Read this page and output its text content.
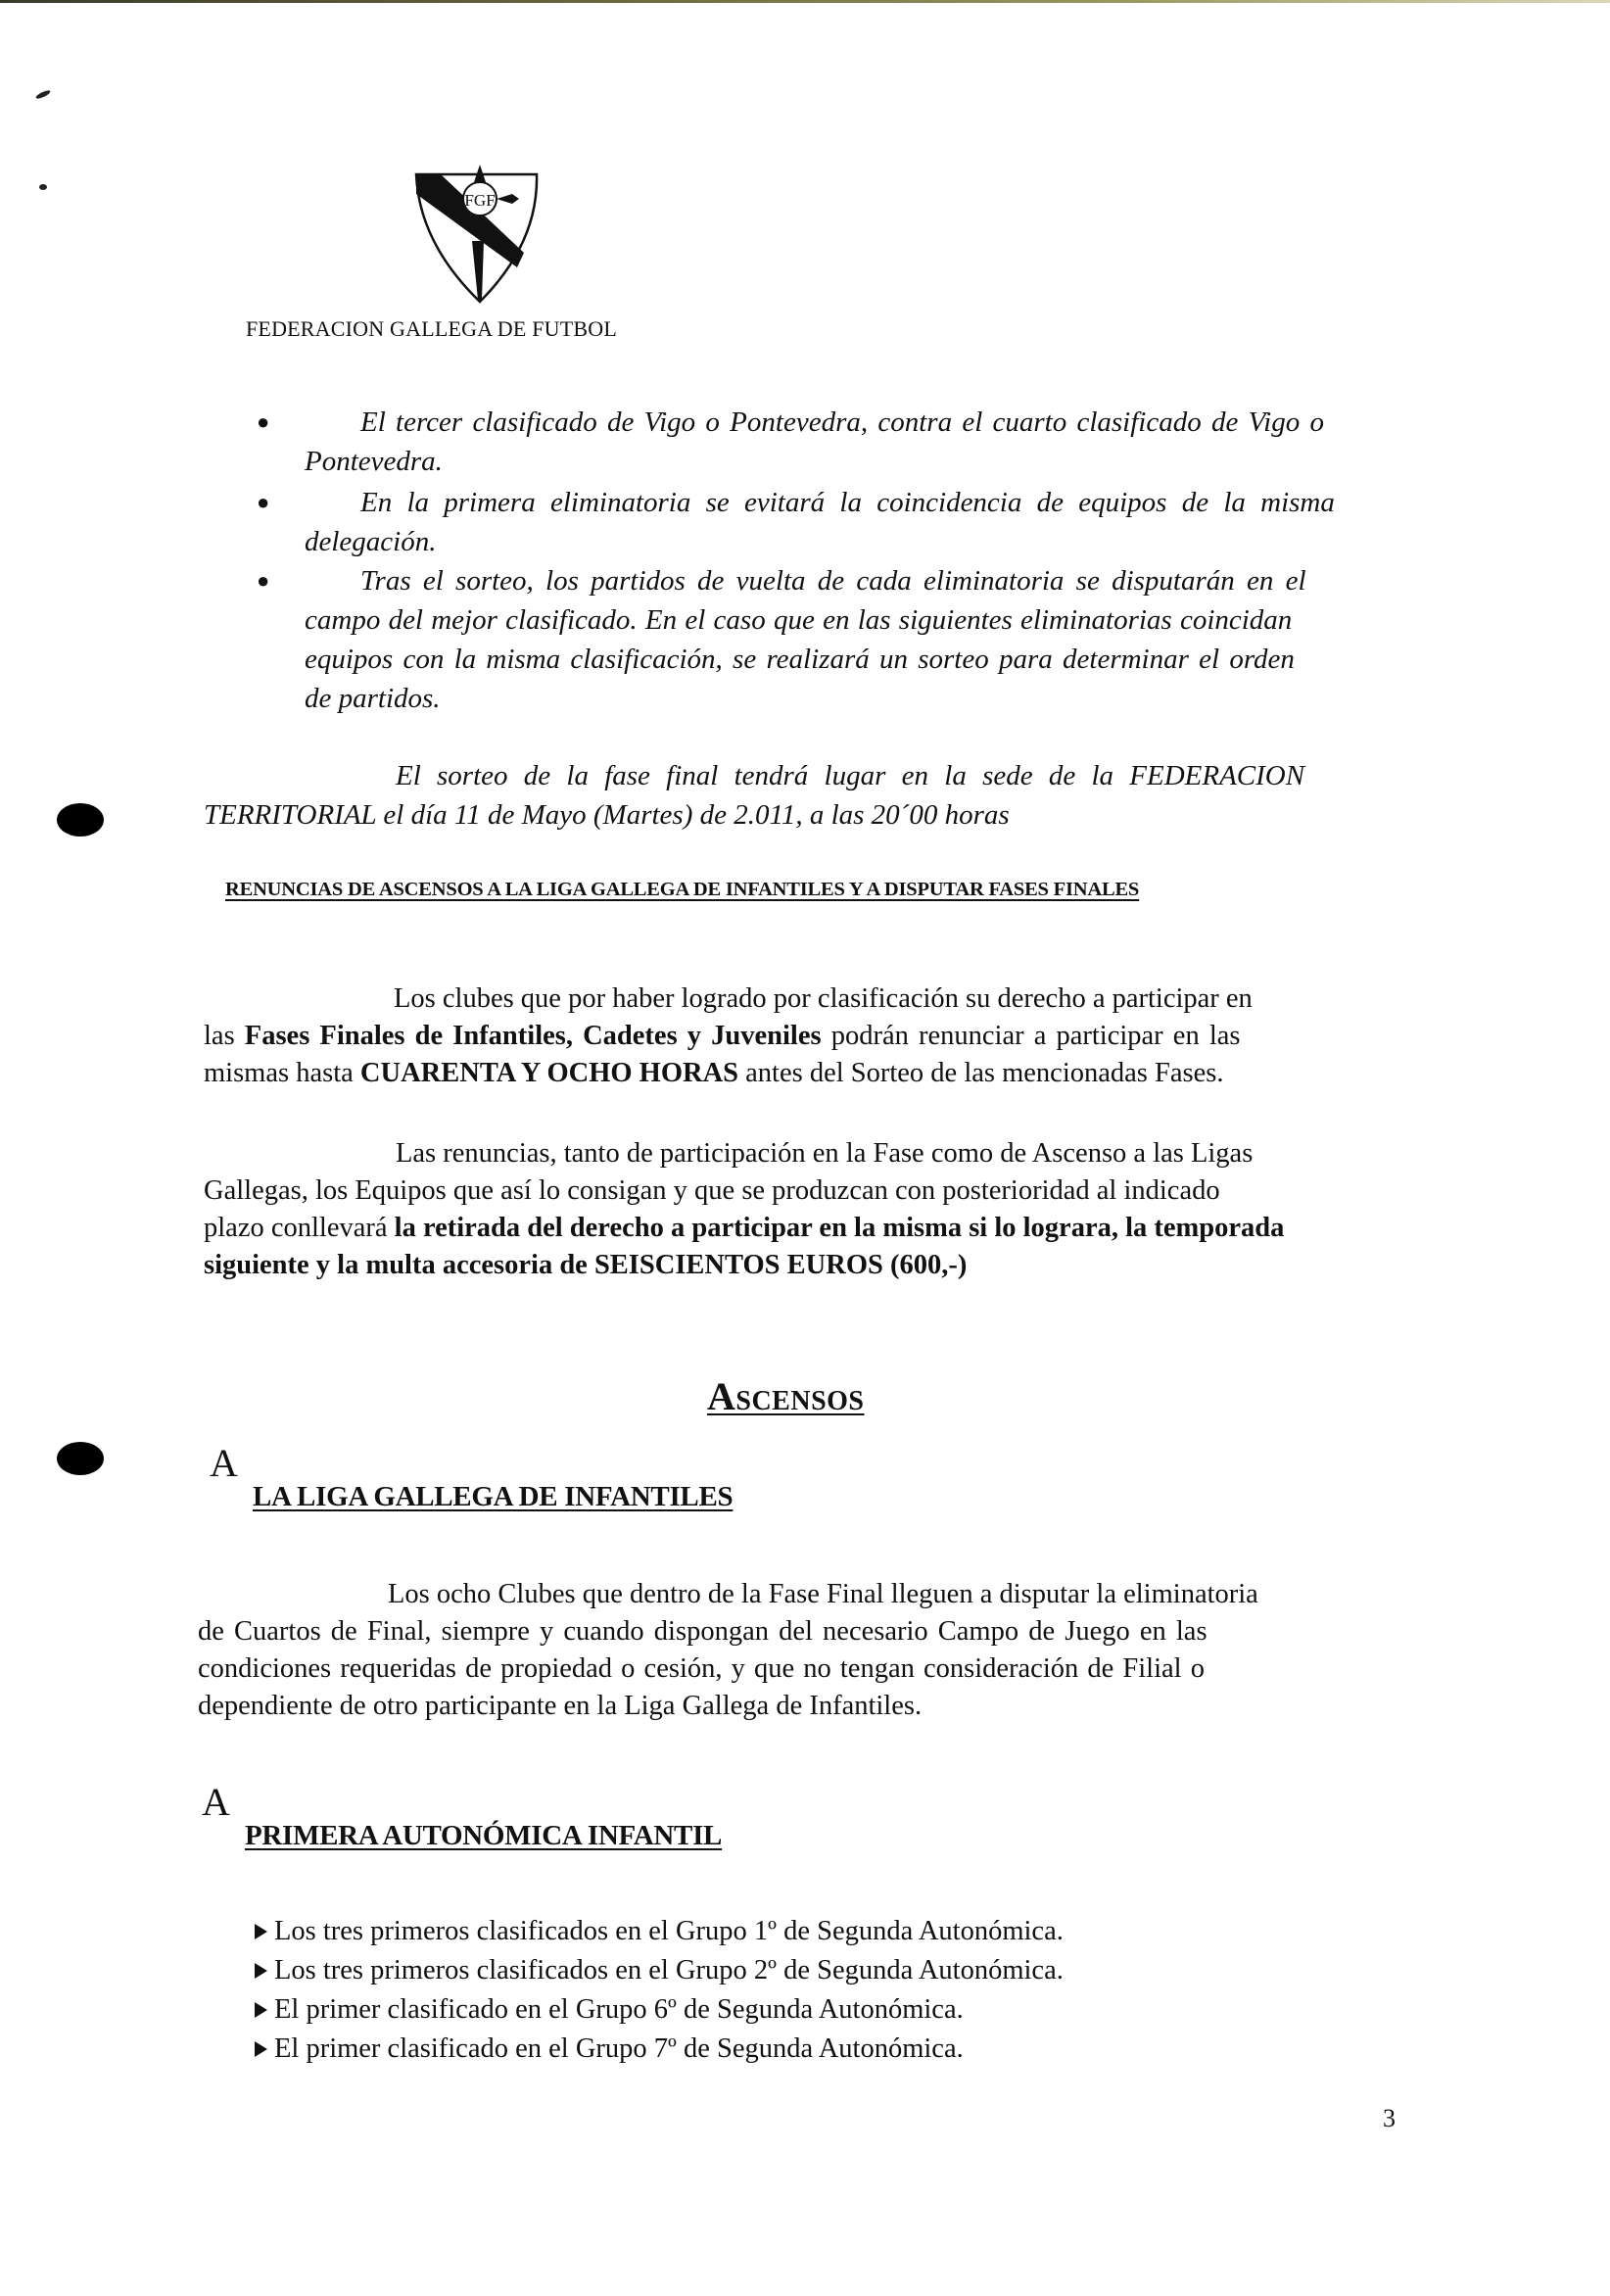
FGF
FEDERACION GALLEGA DE FUTBOL
●	El tercer clasificado de Vigo o Pontevedra, contra el cuarto clasificado de Vigo o
Pontevedra.
●	En la primera eliminatoria se evitará la coincidencia de equipos de la misma
delegación.
●	Tras el sorteo, los partidos de vuelta de cada eliminatoria se disputarán en el
campo del mejor clasificado. En el caso que en las siguientes eliminatorias coincidan
equipos con la misma clasificación, se realizará un sorteo para determinar el orden
de partidos.
El sorteo de la fase final tendrá lugar en la sede de la FEDERACION
TERRITORIAL el día 11 de Mayo (Martes) de 2.011, a las 20´00 horas
RENUNCIAS DE ASCENSOS A LA LIGA GALLEGA DE INFANTILES Y A DISPUTAR FASES FINALES
Los clubes que por haber logrado por clasificación su derecho a participar en
las Fases Finales de Infantiles, Cadetes y Juveniles podrán renunciar a participar en las
mismas hasta CUARENTA Y OCHO HORAS antes del Sorteo de las mencionadas Fases.
Las renuncias, tanto de participación en la Fase como de Ascenso a las Ligas
Gallegas, los Equipos que así lo consigan y que se produzcan con posterioridad al indicado
plazo conllevará la retirada del derecho a participar en la misma si lo lograra, la temporada
siguiente y la multa accesoria de SEISCIENTOS EUROS (600,-)
Ascensos
A
LA LIGA GALLEGA DE INFANTILES
Los ocho Clubes que dentro de la Fase Final lleguen a disputar la eliminatoria
de Cuartos de Final, siempre y cuando dispongan del necesario Campo de Juego en las
condiciones requeridas de propiedad o cesión, y que no tengan consideración de Filial o
dependiente de otro participante en la Liga Gallega de Infantiles.
A
PRIMERA AUTONÓMICA INFANTIL
Los tres primeros clasificados en el Grupo 1º de Segunda Autonómica.
Los tres primeros clasificados en el Grupo 2º de Segunda Autonómica.
El primer clasificado en el Grupo 6º de Segunda Autonómica.
El primer clasificado en el Grupo 7º de Segunda Autonómica.
3
